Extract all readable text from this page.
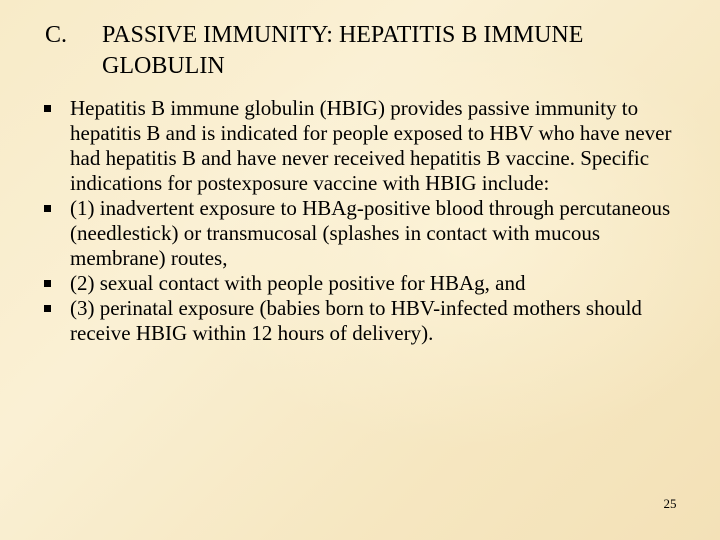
C. PASSIVE IMMUNITY: HEPATITIS B IMMUNE GLOBULIN
Hepatitis B immune globulin (HBIG) provides passive immunity to hepatitis B and is indicated for people exposed to HBV who have never had hepatitis B and have never received hepatitis B vaccine. Specific indications for postexposure vaccine with HBIG include:
(1) inadvertent exposure to HBAg-positive blood through percutaneous (needlestick) or transmucosal (splashes in contact with mucous membrane) routes,
(2) sexual contact with people positive for HBAg, and
(3) perinatal exposure (babies born to HBV-infected mothers should receive HBIG within 12 hours of delivery).
25
